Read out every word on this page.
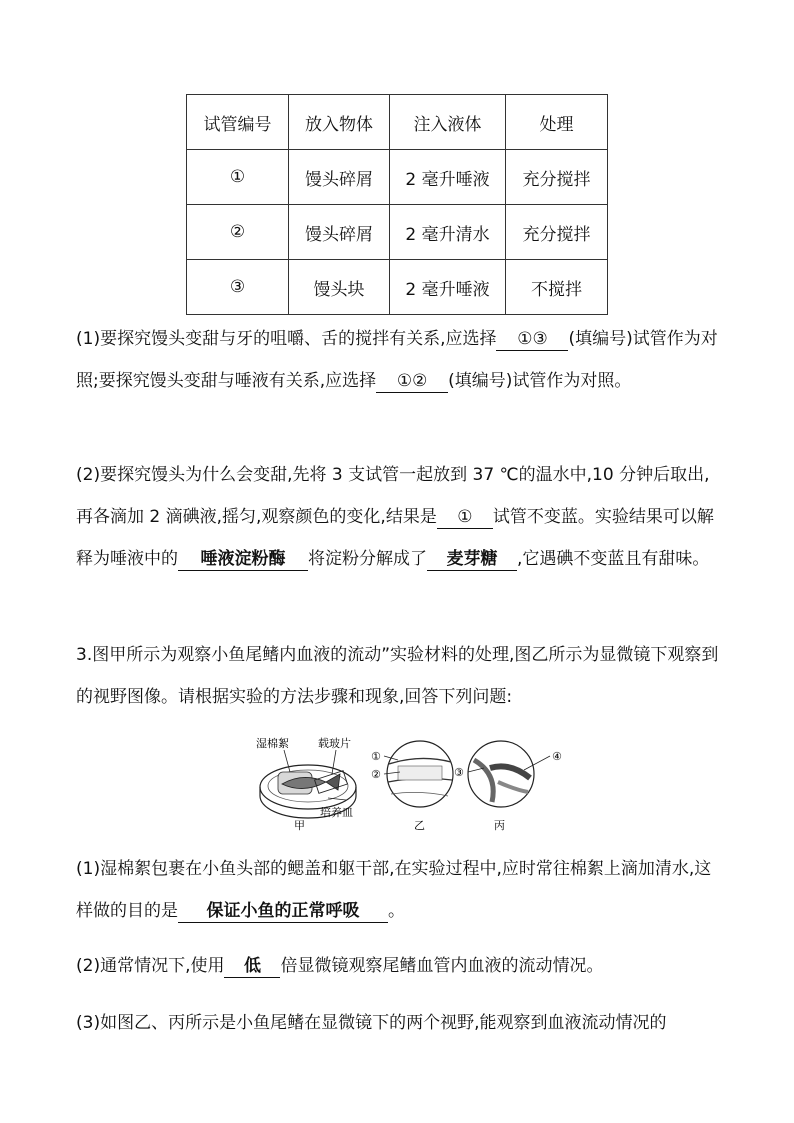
试管编号	放入物体	注入液体	处理
①	馒头碎屑	2 毫升唾液	充分搅拌
②	馒头碎屑	2 毫升清水	充分搅拌
③	馒头块	2 毫升唾液	不搅拌

(1)要探究馒头变甜与牙的咀嚼、舌的搅拌有关系,应选择 ①③ (填编号)试管作为对照;要探究馒头变甜与唾液有关系,应选择 ①② (填编号)试管作为对照。

(2)要探究馒头为什么会变甜,先将 3 支试管一起放到 37 ℃的温水中,10 分钟后取出,再各滴加 2 滴碘液,摇匀,观察颜色的变化,结果是 ① 试管不变蓝。实验结果可以解释为唾液中的 唾液淀粉酶 将淀粉分解成了 麦芽糖 ,它遇碘不变蓝且有甜味。

3.图甲所示为观察小鱼尾鳍内血液的流动”实验材料的处理,图乙所示为显微镜下观察到的视野图像。请根据实验的方法步骤和现象,回答下列问题:

湿棉絮	载玻片
培养皿
甲
①
②
乙
③
④
丙

(1)湿棉絮包裹在小鱼头部的鳃盖和躯干部,在实验过程中,应时常往棉絮上滴加清水,这样做的目的是 保证小鱼的正常呼吸 。

(2)通常情况下,使用 低 倍显微镜观察尾鳍血管内血液的流动情况。

(3)如图乙、丙所示是小鱼尾鳍在显微镜下的两个视野,能观察到血液流动情况的
